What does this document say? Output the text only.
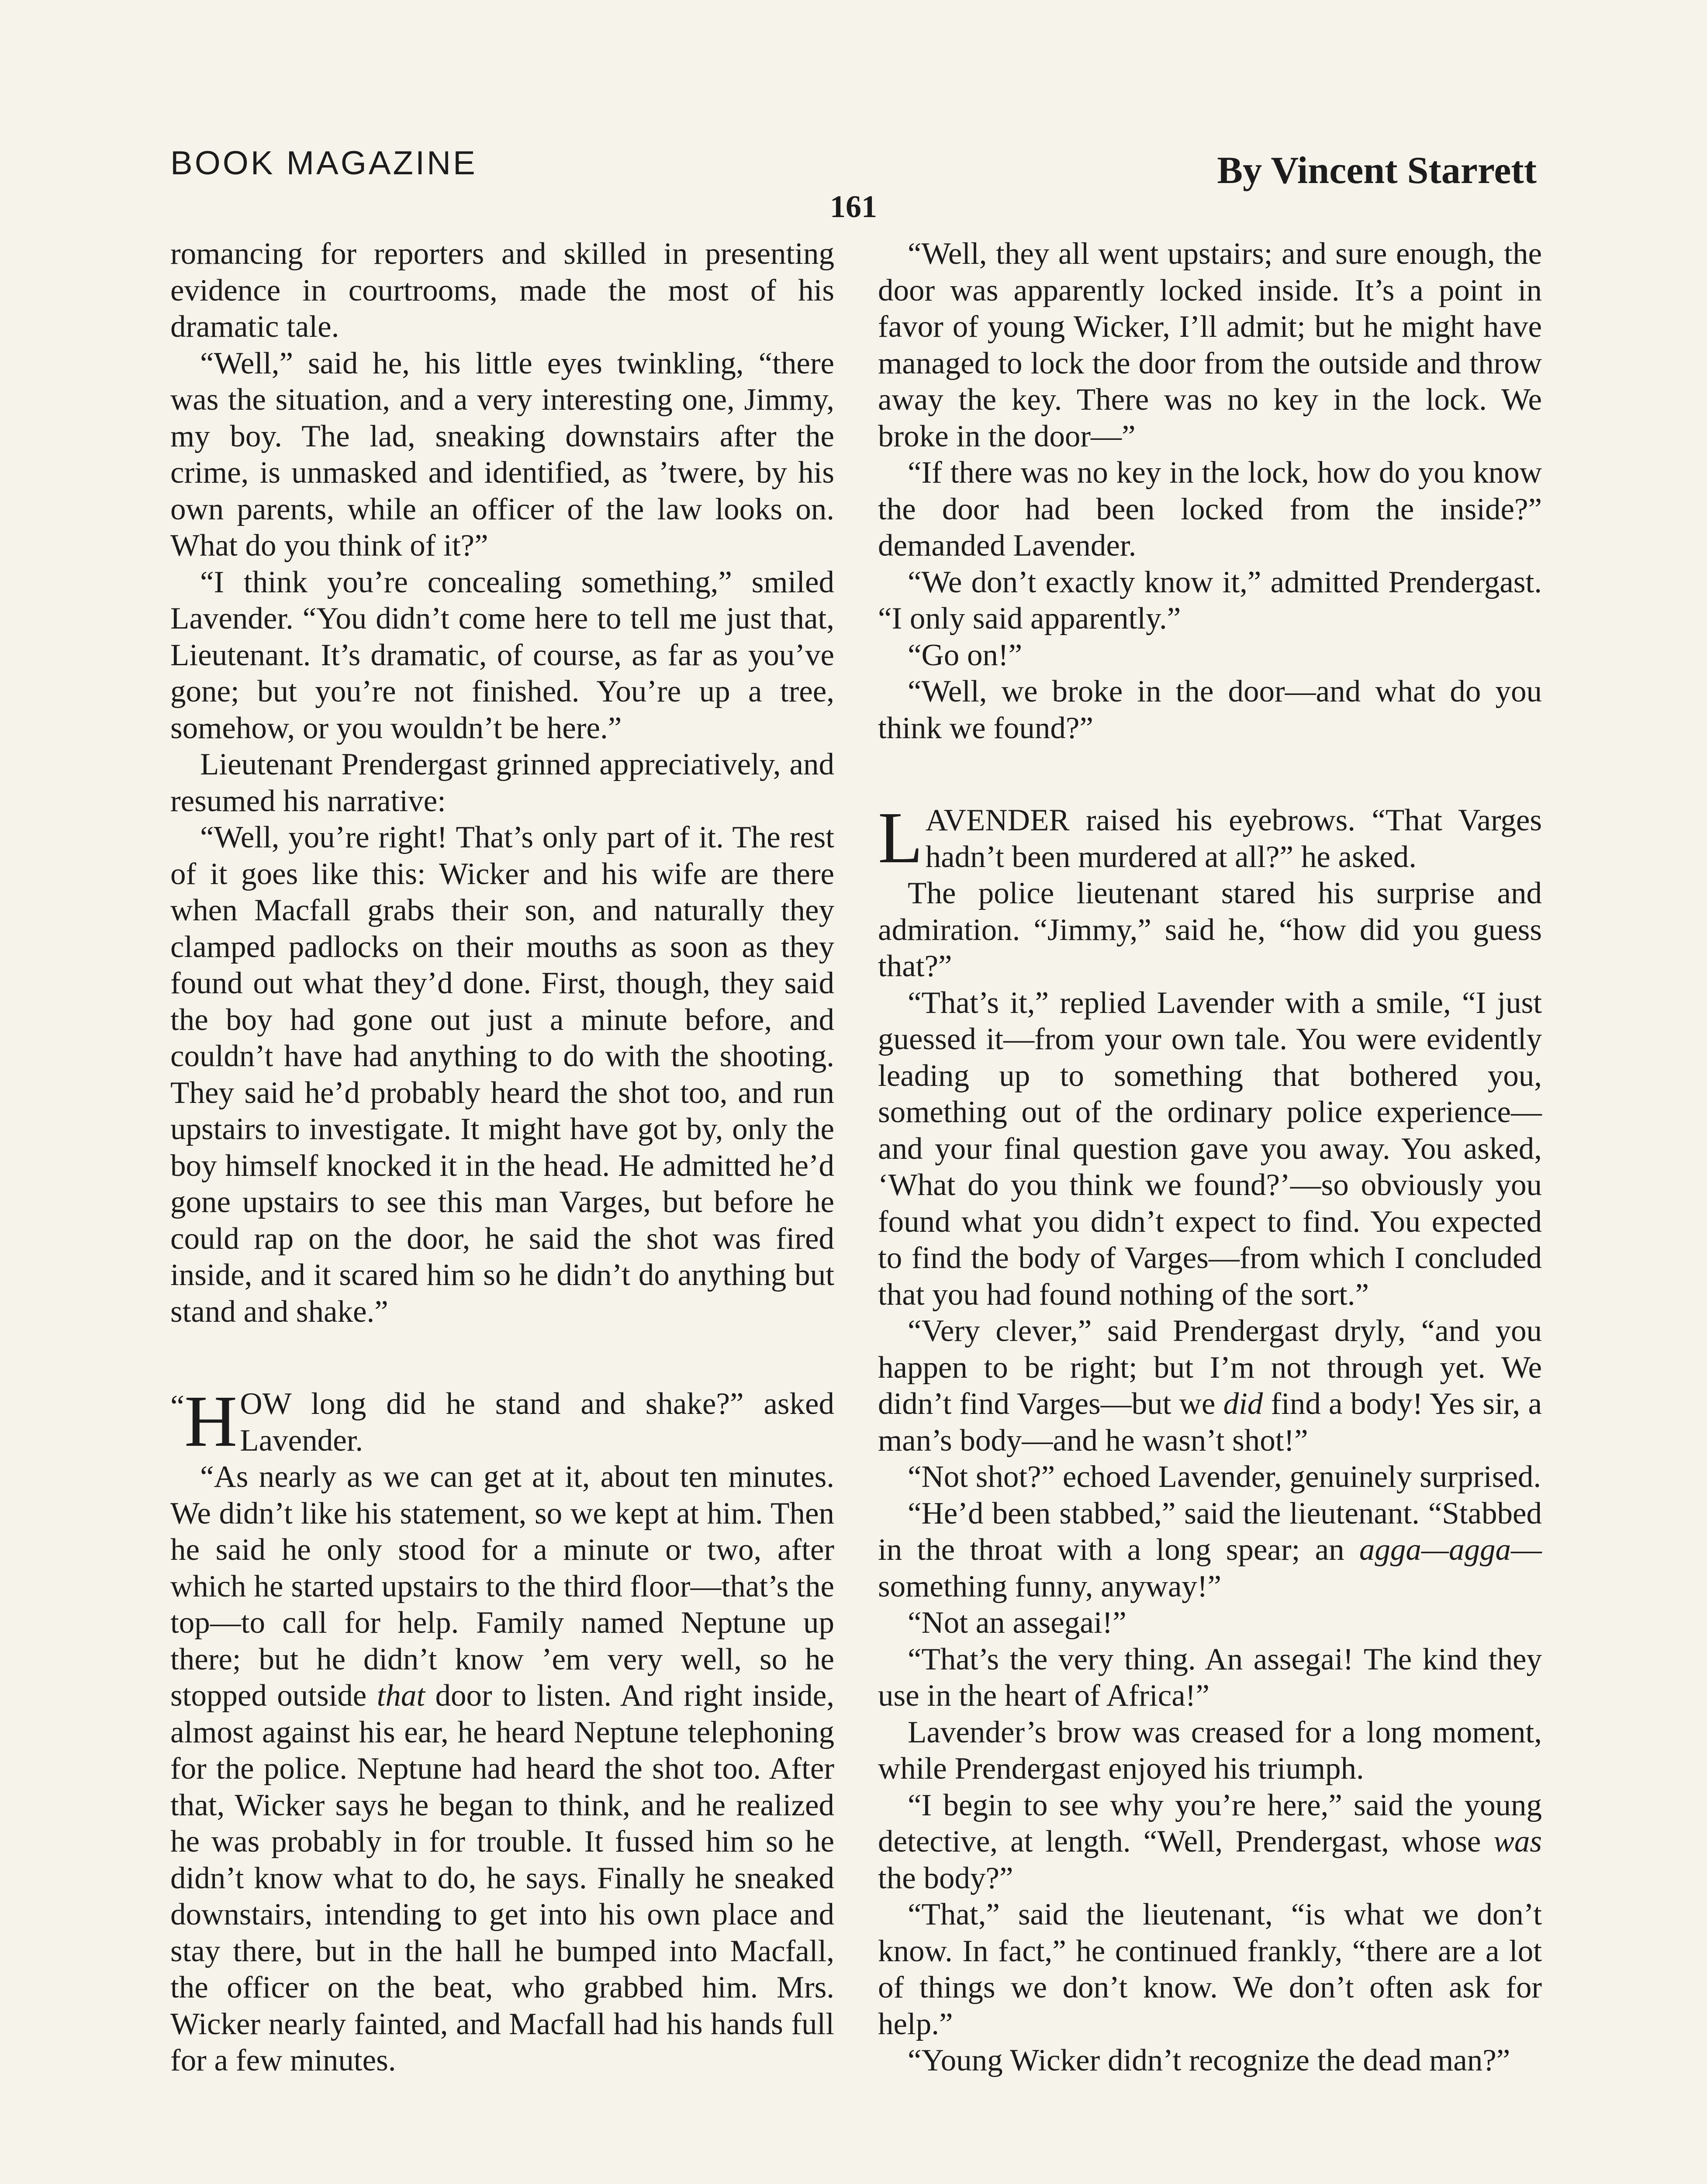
BOOK MAGAZINE	By Vincent Starrett
161

romancing for reporters and skilled in presenting evidence in courtrooms, made the most of his dramatic tale.

“Well,” said he, his little eyes twinkling, “there was the situation, and a very interesting one, Jimmy, my boy. The lad, sneaking downstairs after the crime, is unmasked and identified, as ’twere, by his own parents, while an officer of the law looks on. What do you think of it?”

“I think you’re concealing something,” smiled Lavender. “You didn’t come here to tell me just that, Lieutenant. It’s dramatic, of course, as far as you’ve gone; but you’re not finished. You’re up a tree, somehow, or you wouldn’t be here.”

Lieutenant Prendergast grinned appreciatively, and resumed his narrative:

“Well, you’re right! That’s only part of it. The rest of it goes like this: Wicker and his wife are there when Macfall grabs their son, and naturally they clamped padlocks on their mouths as soon as they found out what they’d done. First, though, they said the boy had gone out just a minute before, and couldn’t have had anything to do with the shooting. They said he’d probably heard the shot too, and run upstairs to investigate. It might have got by, only the boy himself knocked it in the head. He admitted he’d gone upstairs to see this man Varges, but before he could rap on the door, he said the shot was fired inside, and it scared him so he didn’t do anything but stand and shake.”

“ H OW long did he stand and shake?” asked Lavender.

“As nearly as we can get at it, about ten minutes. We didn’t like his statement, so we kept at him. Then he said he only stood for a minute or two, after which he started upstairs to the third floor—that’s the top—to call for help. Family named Neptune up there; but he didn’t know ’em very well, so he stopped outside that door to listen. And right inside, almost against his ear, he heard Neptune telephoning for the police. Neptune had heard the shot too. After that, Wicker says he began to think, and he realized he was probably in for trouble. It fussed him so he didn’t know what to do, he says. Finally he sneaked downstairs, intending to get into his own place and stay there, but in the hall he bumped into Macfall, the officer on the beat, who grabbed him. Mrs. Wicker nearly fainted, and Macfall had his hands full for a few minutes.

“Well, they all went upstairs; and sure enough, the door was apparently locked inside. It’s a point in favor of young Wicker, I’ll admit; but he might have managed to lock the door from the outside and throw away the key. There was no key in the lock. We broke in the door—”

“If there was no key in the lock, how do you know the door had been locked from the inside?” demanded Lavender.

“We don’t exactly know it,” admitted Prendergast. “I only said apparently.”

“Go on!”

“Well, we broke in the door—and what do you think we found?”

LAVENDER raised his eyebrows. “That Varges hadn’t been murdered at all?” he asked.

The police lieutenant stared his surprise and admiration. “Jimmy,” said he, “how did you guess that?”

“That’s it,” replied Lavender with a smile, “I just guessed it—from your own tale. You were evidently leading up to something that bothered you, something out of the ordinary police experience—and your final question gave you away. You asked, ‘What do you think we found?’—so obviously you found what you didn’t expect to find. You expected to find the body of Varges—from which I concluded that you had found nothing of the sort.”

“Very clever,” said Prendergast dryly, “and you happen to be right; but I’m not through yet. We didn’t find Varges—but we did find a body! Yes sir, a man’s body—and he wasn’t shot!”

“Not shot?” echoed Lavender, genuinely surprised.

“He’d been stabbed,” said the lieutenant. “Stabbed in the throat with a long spear; an agga—agga—something funny, anyway!”

“Not an assegai!”

“That’s the very thing. An assegai! The kind they use in the heart of Africa!”

Lavender’s brow was creased for a long moment, while Prendergast enjoyed his triumph.

“I begin to see why you’re here,” said the young detective, at length. “Well, Prendergast, whose was the body?”

“That,” said the lieutenant, “is what we don’t know. In fact,” he continued frankly, “there are a lot of things we don’t know. We don’t often ask for help.”

“Young Wicker didn’t recognize the dead man?”
